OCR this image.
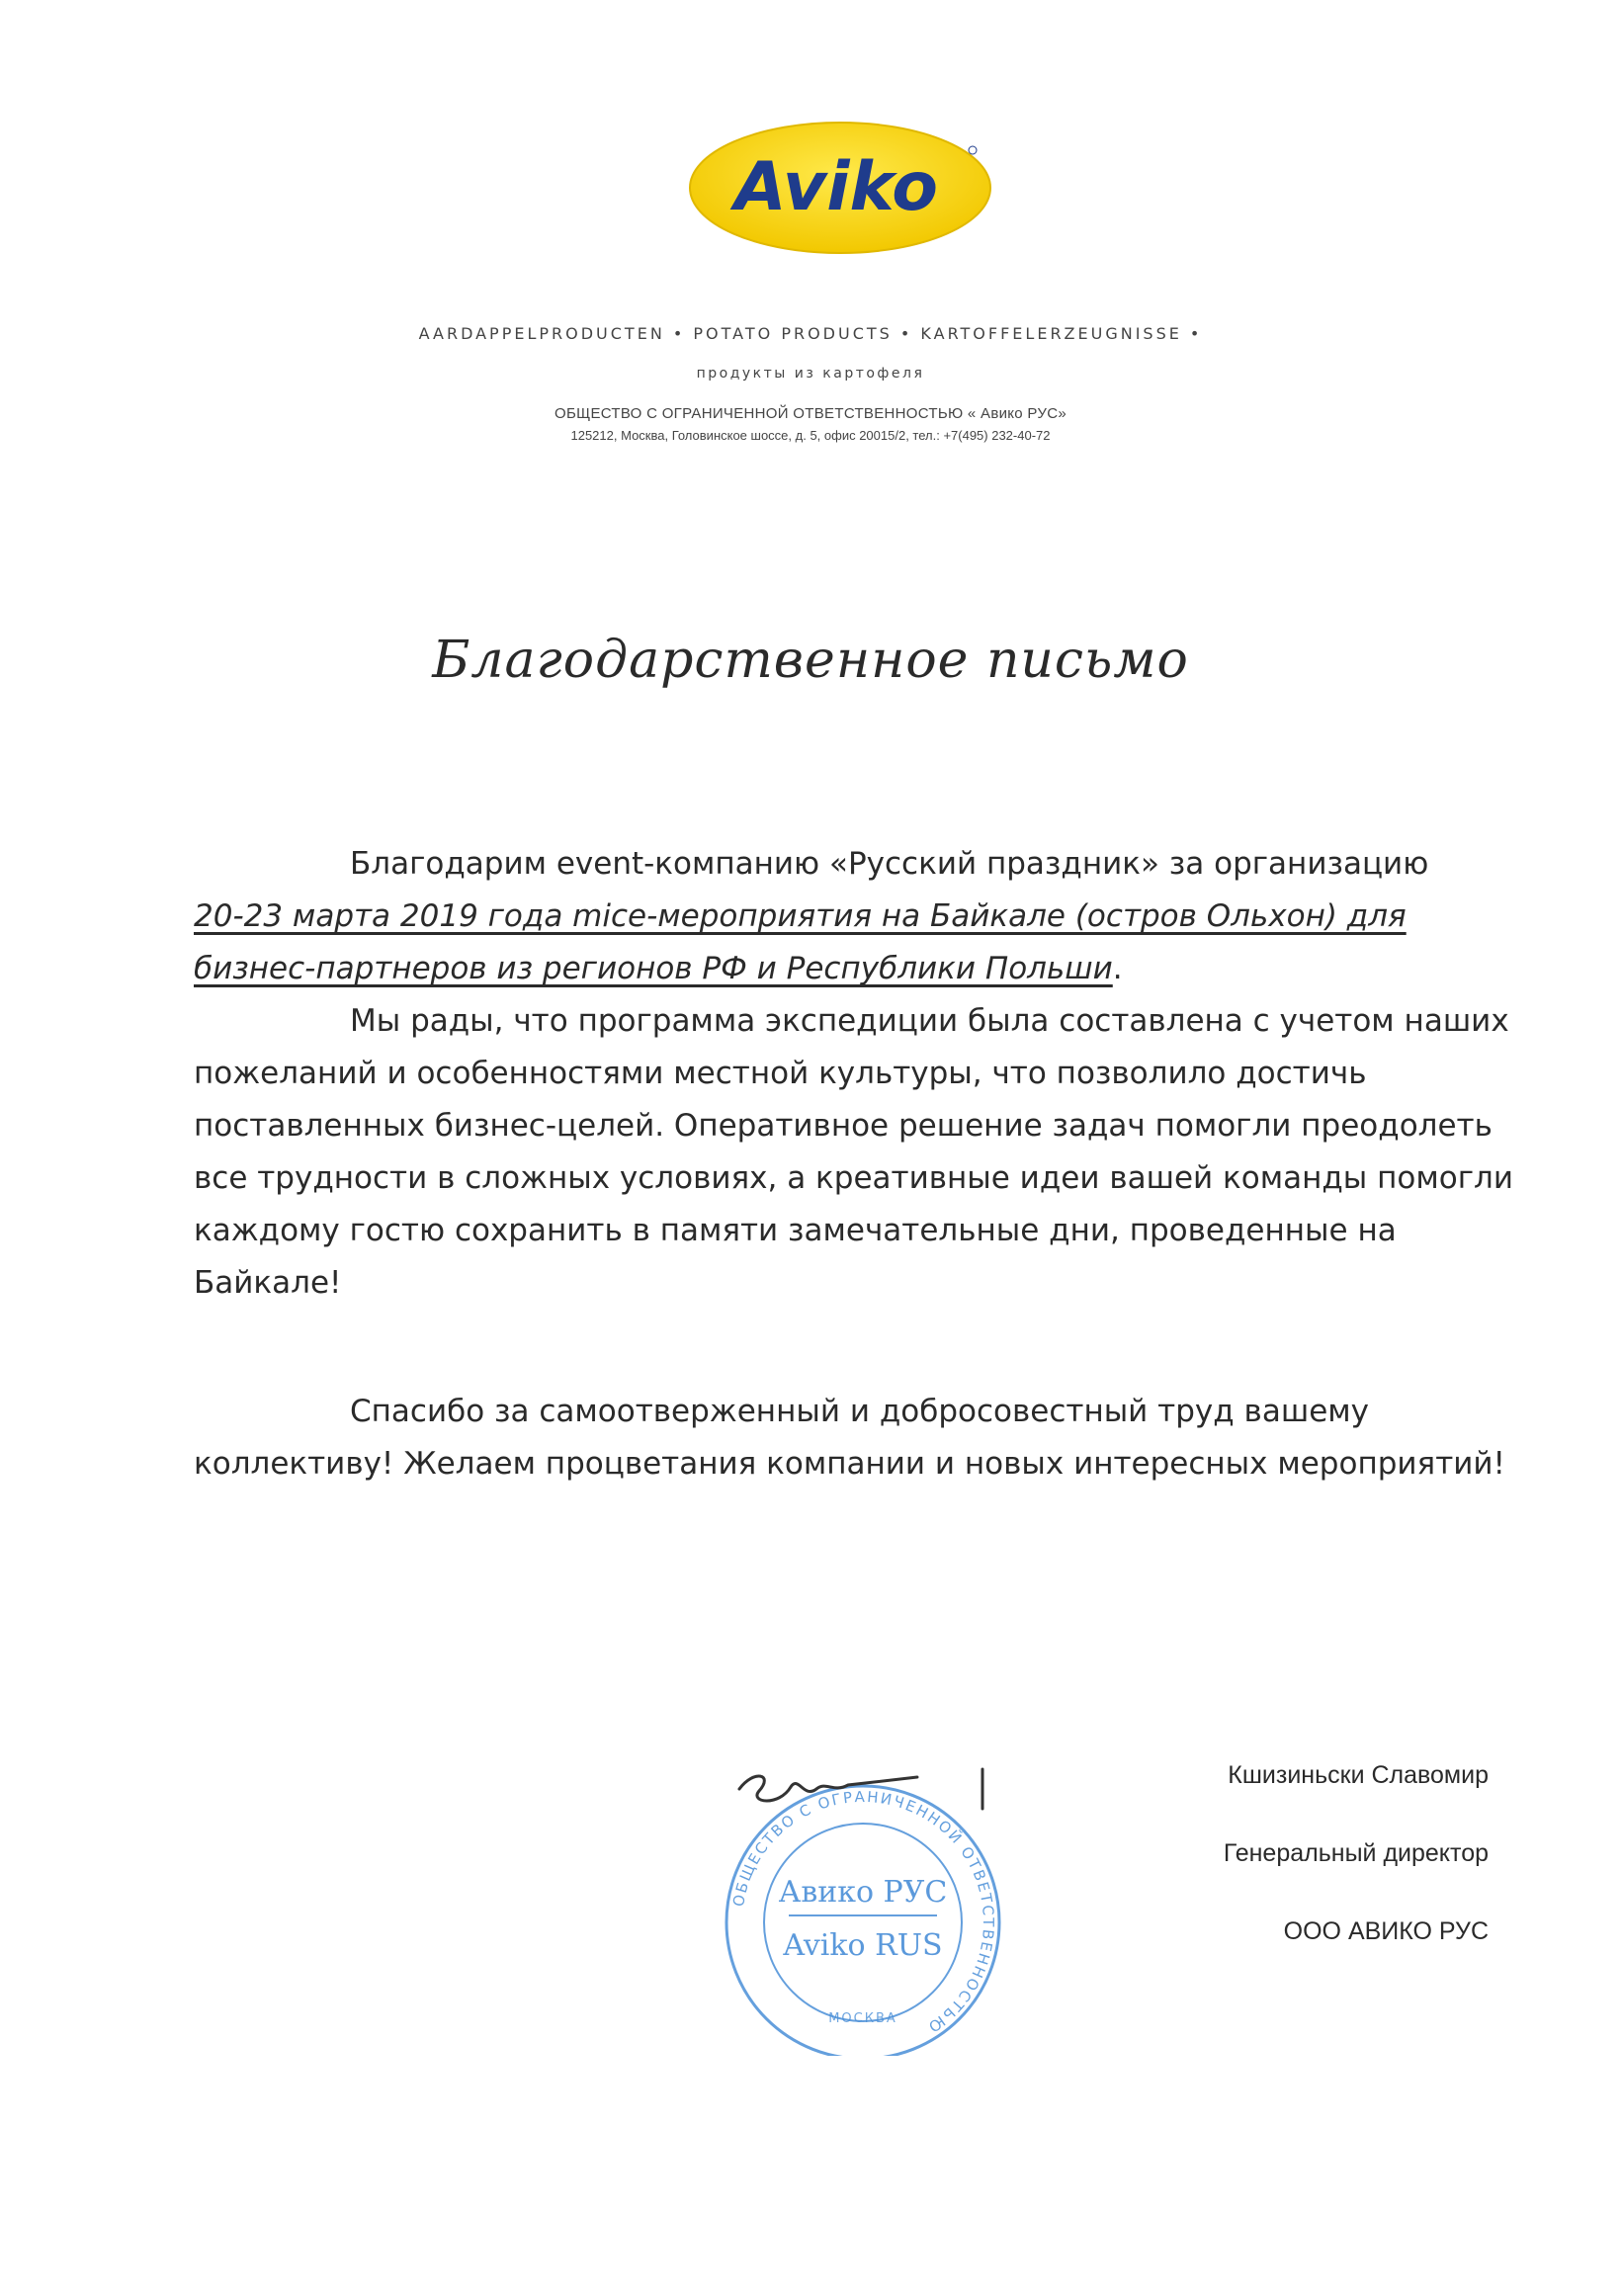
Aviko
AARDAPPELPRODUCTEN • POTATO PRODUCTS • KARTOFFELERZEUGNISSE •
продукты из картофеля
ОБЩЕСТВО С ОГРАНИЧЕННОЙ ОТВЕТСТВЕННОСТЬЮ « Авико РУС»
125212, Москва, Головинское шоссе, д. 5, офис 20015/2, тел.: +7(495) 232-40-72
Благодарственное письмо
Благодарим event-компанию «Русский праздник» за организацию
20-23 марта 2019 года mice-мероприятия на Байкале (остров Ольхон) для
бизнес-партнеров из регионов РФ и Республики Польши.
Мы рады, что программа экспедиции была составлена с учетом наших
пожеланий и особенностями местной культуры, что позволило достичь
поставленных бизнес-целей. Оперативное решение задач помогли преодолеть
все трудности в сложных условиях, а креативные идеи вашей команды помогли
каждому гостю сохранить в памяти замечательные дни, проведенные на
Байкале!
Спасибо за самоотверженный и добросовестный труд вашему
коллективу! Желаем процветания компании и новых интересных мероприятий!
ОБЩЕСТВО С ОГРАНИЧЕННОЙ ОТВЕТСТВЕННОСТЬЮ
Авико РУС
Aviko RUS
МОСКВА
Кшизиньски Славомир
Генеральный директор
ООО АВИКО РУС
